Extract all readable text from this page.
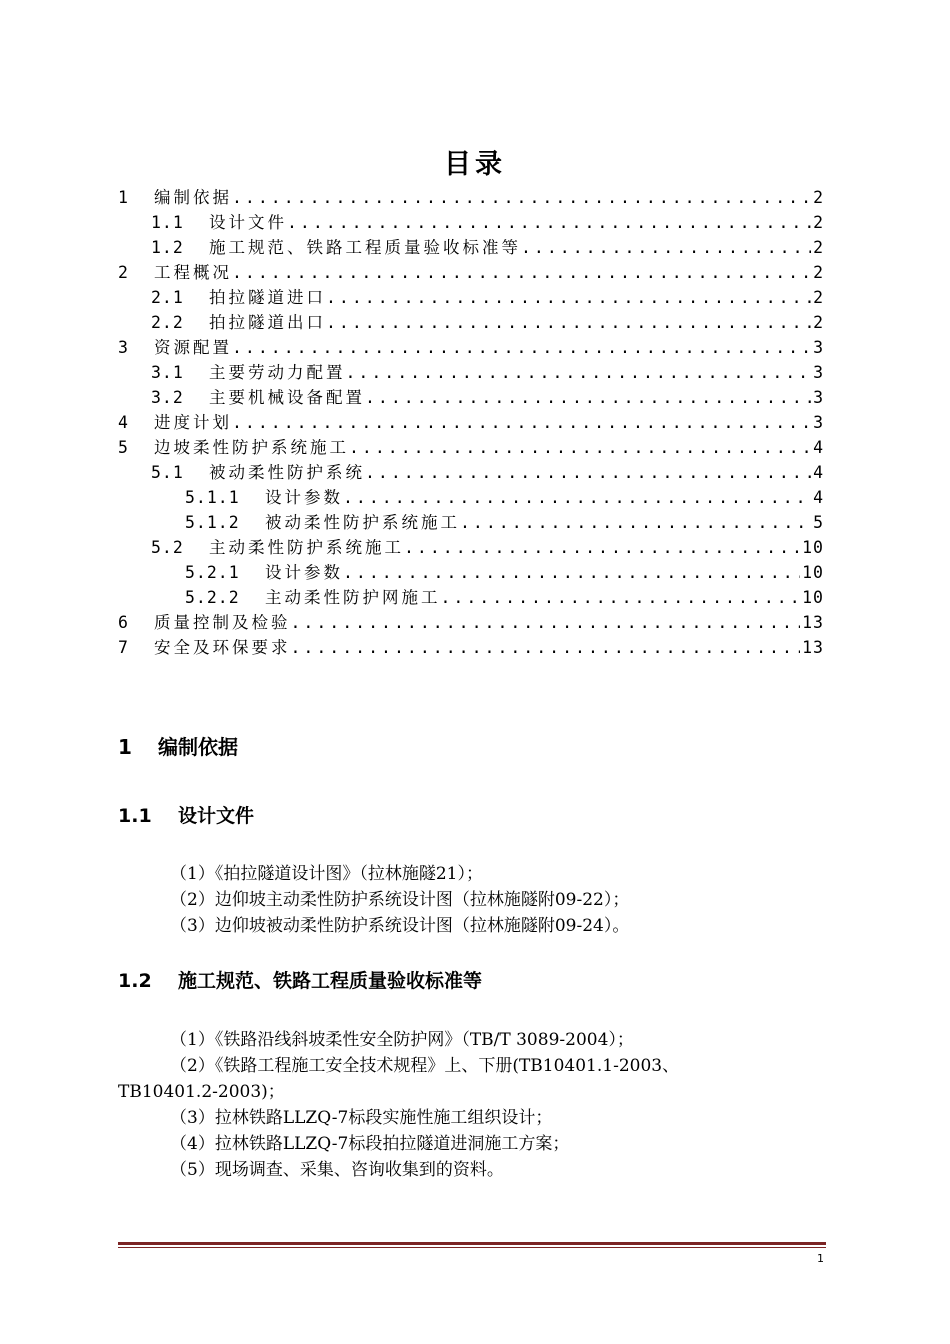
目录
1	编制依据 .....	2
1.1	设计文件 .....	2
1.2	施工规范、铁路工程质量验收标准等 .....	2
2	工程概况 .....	2
2.1	拍拉隧道进口 .....	2
2.2	拍拉隧道出口 .....	2
3	资源配置 .....	3
3.1	主要劳动力配置 .....	3
3.2	主要机械设备配置 .....	3
4	进度计划 .....	3
5	边坡柔性防护系统施工 .....	4
5.1	被动柔性防护系统 .....	4
5.1.1	设计参数 .....	4
5.1.2	被动柔性防护系统施工 .....	5
5.2	主动柔性防护系统施工 .....	10
5.2.1	设计参数 .....	10
5.2.2	主动柔性防护网施工 .....	10
6	质量控制及检验 .....	13
7	安全及环保要求 .....	13
1 编制依据
1.1 设计文件

（1）《拍拉隧道设计图》（拉林施隧21）；

（2）边仰坡主动柔性防护系统设计图（拉林施隧附09-22）；

（3）边仰坡被动柔性防护系统设计图（拉林施隧附09-24）。

1.2 施工规范、铁路工程质量验收标准等

（1）《铁路沿线斜坡柔性安全防护网》（TB/T 3089-2004）；

（2）《铁路工程施工安全技术规程》上、下册(TB10401.1-2003、TB10401.2-2003)；

（3）拉林铁路LLZQ-7标段实施性施工组织设计；

（4）拉林铁路LLZQ-7标段拍拉隧道进洞施工方案；

（5）现场调查、采集、咨询收集到的资料。

1
